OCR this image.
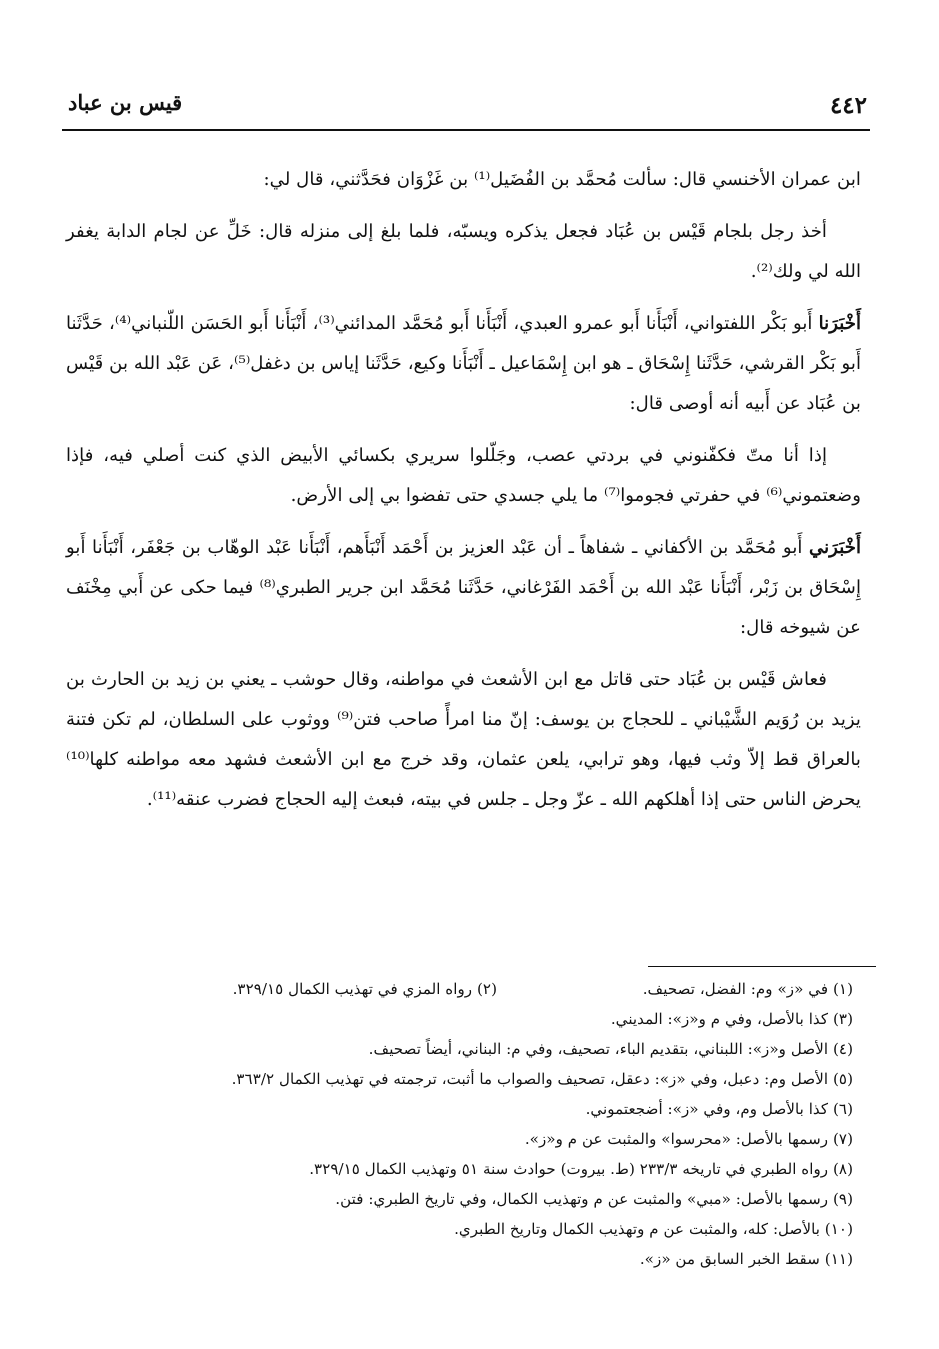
٤٤٢
قيس بن عباد

ابن عمران الأخنسي قال: سألت مُحمَّد بن الفُضَيل⁽¹⁾ بن غَزْوَان فحَدَّثني، قال لي:

أخذ رجل بلجام قَيْس بن عُبَاد فجعل يذكره ويسبّه، فلما بلغ إلى منزله قال: خَلِّ عن لجام الدابة يغفر الله لي ولك⁽²⁾.

أَخْبَرَنا أَبو بَكْر اللفتواني، أَنْبَأَنا أَبو عمرو العبدي، أَنْبَأَنا أَبو مُحَمَّد المدائني⁽³⁾، أَنْبَأَنا أَبو الحَسَن اللّنباني⁽⁴⁾، حَدَّثَنا أَبو بَكْر القرشي، حَدَّثَنا إِسْحَاق ـ هو ابن إِسْمَاعيل ـ أَنْبَأَنا وكيع، حَدَّثَنا إياس بن دغفل⁽⁵⁾، عَن عَبْد الله بن قَيْس بن عُبَاد عن أَبيه أنه أوصى قال:

إذا أنا متّ فكفّنوني في بردتي عصب، وجَلّلوا سريري بكسائي الأبيض الذي كنت أصلي فيه، فإذا وضعتموني⁽⁶⁾ في حفرتي فجوموا⁽⁷⁾ ما يلي جسدي حتى تفضوا بي إلى الأرض.

أَخْبَرَني أَبو مُحَمَّد بن الأكفاني ـ شفاهاً ـ أن عَبْد العزيز بن أَحْمَد أَنْبَأَهم، أَنْبَأَنا عَبْد الوهّاب بن جَعْفَر، أَنْبَأَنا أَبو إِسْحَاق بن زَبْر، أَنْبَأَنا عَبْد الله بن أَحْمَد الفَرْغاني، حَدَّثَنا مُحَمَّد ابن جرير الطبري⁽⁸⁾ فيما حكى عن أَبي مِخْنَف عن شيوخه قال:

فعاش قَيْس بن عُبَاد حتى قاتل مع ابن الأشعث في مواطنه، وقال حوشب ـ يعني بن زيد بن الحارث بن يزيد بن رُوَيم الشَّيْباني ـ للحجاج بن يوسف: إنّ منا امرأً صاحب فتن⁽⁹⁾ ووثوب على السلطان، لم تكن فتنة بالعراق قط إلاّ وثب فيها، وهو ترابي، يلعن عثمان، وقد خرج مع ابن الأشعث فشهد معه مواطنه كلها⁽¹⁰⁾ يحرض الناس حتى إذا أهلكهم الله ـ عزّ وجل ـ جلس في بيته، فبعث إليه الحجاج فضرب عنقه⁽¹¹⁾.

(١) في «ز» وم: الفضل، تصحيف.
(٢) رواه المزي في تهذيب الكمال ٣٢٩/١٥.
(٣) كذا بالأصل، وفي م و«ز»: المديني.
(٤) الأصل و«ز»: اللبناني، بتقديم الباء، تصحيف، وفي م: البناني، أيضاً تصحيف.
(٥) الأصل وم: دعبل، وفي «ز»: دعقل، تصحيف والصواب ما أثبت، ترجمته في تهذيب الكمال ٣٦٣/٢.
(٦) كذا بالأصل وم، وفي «ز»: أضجعتموني.
(٧) رسمها بالأصل: «محرسوا» والمثبت عن م و«ز».
(٨) رواه الطبري في تاريخه ٢٣٣/٣ (ط. بيروت) حوادث سنة ٥١ وتهذيب الكمال ٣٢٩/١٥.
(٩) رسمها بالأصل: «مبي» والمثبت عن م وتهذيب الكمال، وفي تاريخ الطبري: فتن.
(١٠) بالأصل: كله، والمثبت عن م وتهذيب الكمال وتاريخ الطبري.
(١١) سقط الخبر السابق من «ز».
